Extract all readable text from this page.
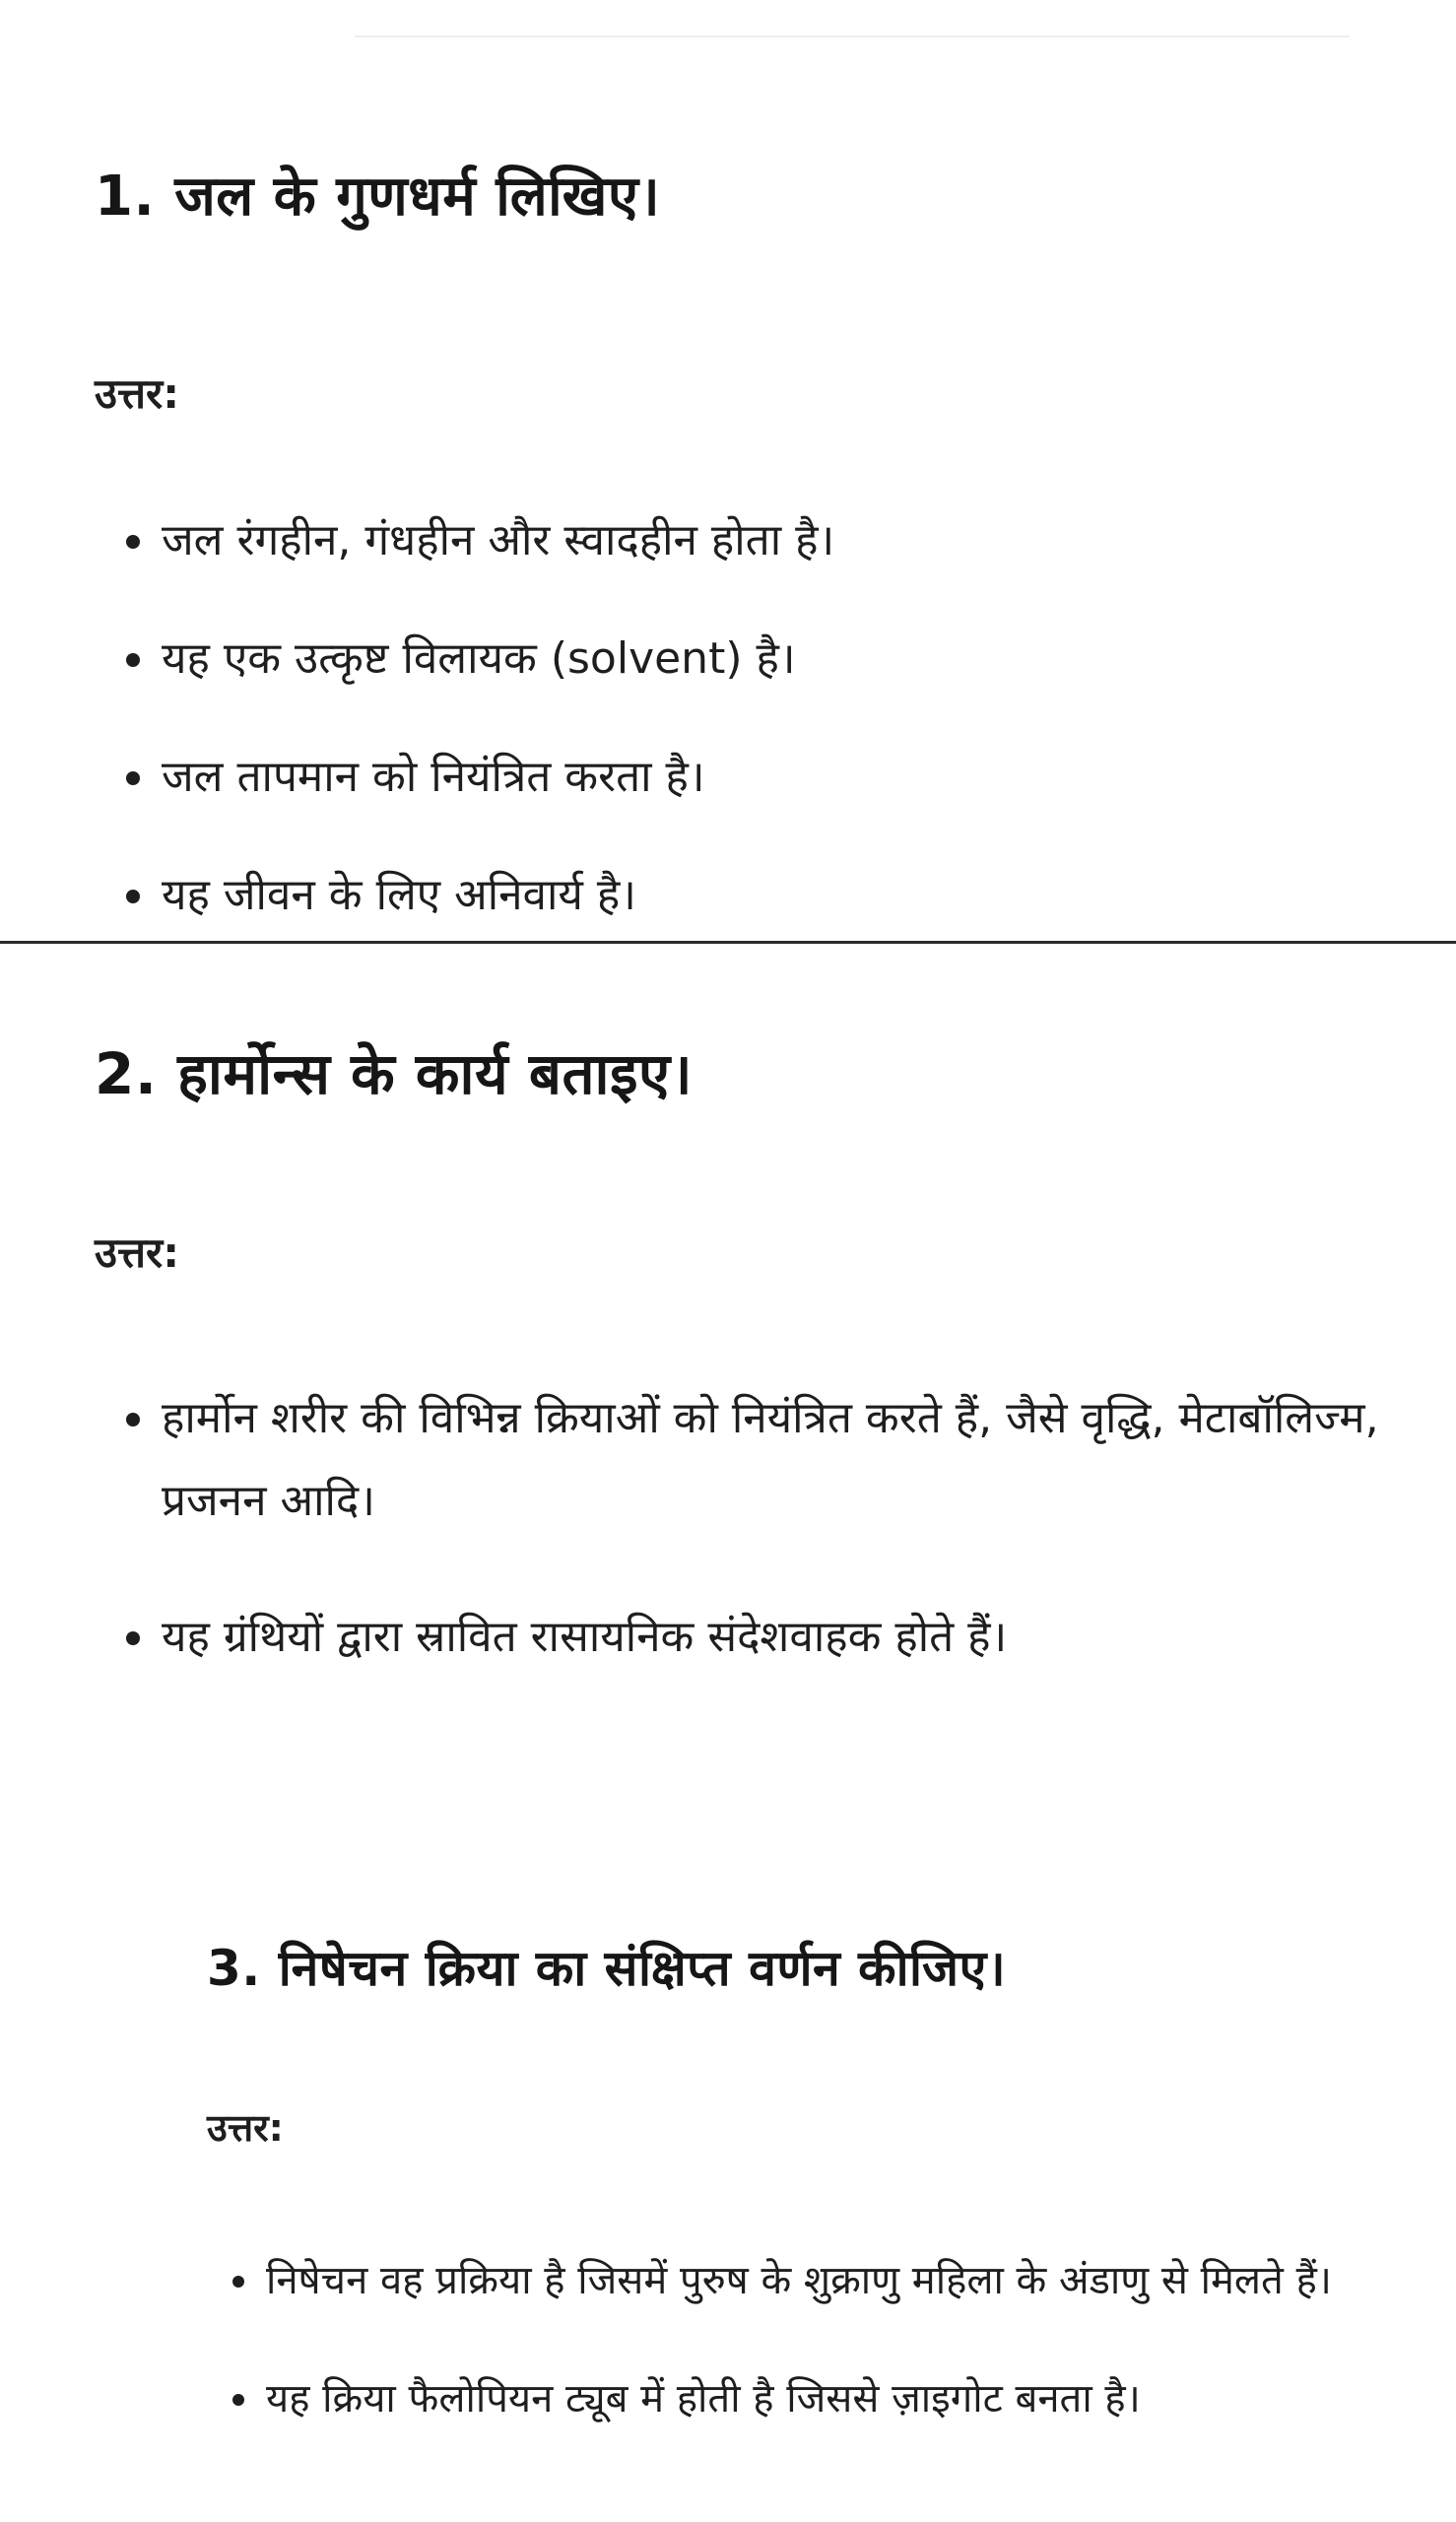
1. जल के गुणधर्म लिखिए।

उत्तर:

जल रंगहीन, गंधहीन और स्वादहीन होता है।
यह एक उत्कृष्ट विलायक (solvent) है।
जल तापमान को नियंत्रित करता है।
यह जीवन के लिए अनिवार्य है।
2. हार्मोन्स के कार्य बताइए।

उत्तर:

हार्मोन शरीर की विभिन्न क्रियाओं को नियंत्रित करते हैं, जैसे वृद्धि, मेटाबॉलिज्म, प्रजनन आदि।
यह ग्रंथियों द्वारा स्रावित रासायनिक संदेशवाहक होते हैं।
3. निषेचन क्रिया का संक्षिप्त वर्णन कीजिए।

उत्तर:

निषेचन वह प्रक्रिया है जिसमें पुरुष के शुक्राणु महिला के अंडाणु से मिलते हैं।
यह क्रिया फैलोपियन ट्यूब में होती है जिससे ज़ाइगोट बनता है।
